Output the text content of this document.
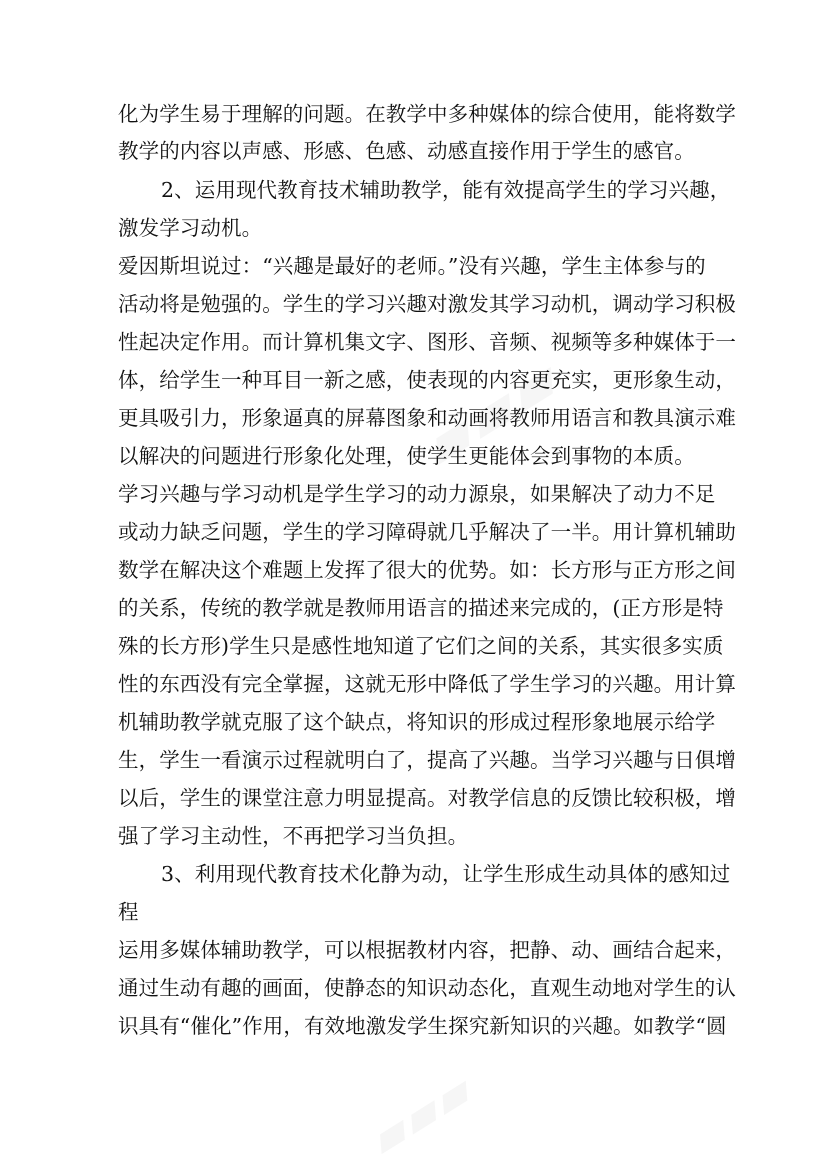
化为学生易于理解的问题。在教学中多种媒体的综合使用，能将数学
教学的内容以声感、形感、色感、动感直接作用于学生的感官。
2、运用现代教育技术辅助教学，能有效提高学生的学习兴趣，
激发学习动机。
爱因斯坦说过：“兴趣是最好的老师。”没有兴趣，学生主体参与的
活动将是勉强的。学生的学习兴趣对激发其学习动机，调动学习积极
性起决定作用。而计算机集文字、图形、音频、视频等多种媒体于一
体，给学生一种耳目一新之感，使表现的内容更充实，更形象生动，
更具吸引力，形象逼真的屏幕图象和动画将教师用语言和教具演示难
以解决的问题进行形象化处理，使学生更能体会到事物的本质。
学习兴趣与学习动机是学生学习的动力源泉，如果解决了动力不足
或动力缺乏问题，学生的学习障碍就几乎解决了一半。用计算机辅助
数学在解决这个难题上发挥了很大的优势。如：长方形与正方形之间
的关系，传统的教学就是教师用语言的描述来完成的，(正方形是特
殊的长方形)学生只是感性地知道了它们之间的关系，其实很多实质
性的东西没有完全掌握，这就无形中降低了学生学习的兴趣。用计算
机辅助教学就克服了这个缺点，将知识的形成过程形象地展示给学
生，学生一看演示过程就明白了，提高了兴趣。当学习兴趣与日俱增
以后，学生的课堂注意力明显提高。对教学信息的反馈比较积极，增
强了学习主动性，不再把学习当负担。
3、利用现代教育技术化静为动，让学生形成生动具体的感知过
程
运用多媒体辅助教学，可以根据教材内容，把静、动、画结合起来，
通过生动有趣的画面，使静态的知识动态化，直观生动地对学生的认
识具有“催化”作用，有效地激发学生探究新知识的兴趣。如教学“圆
